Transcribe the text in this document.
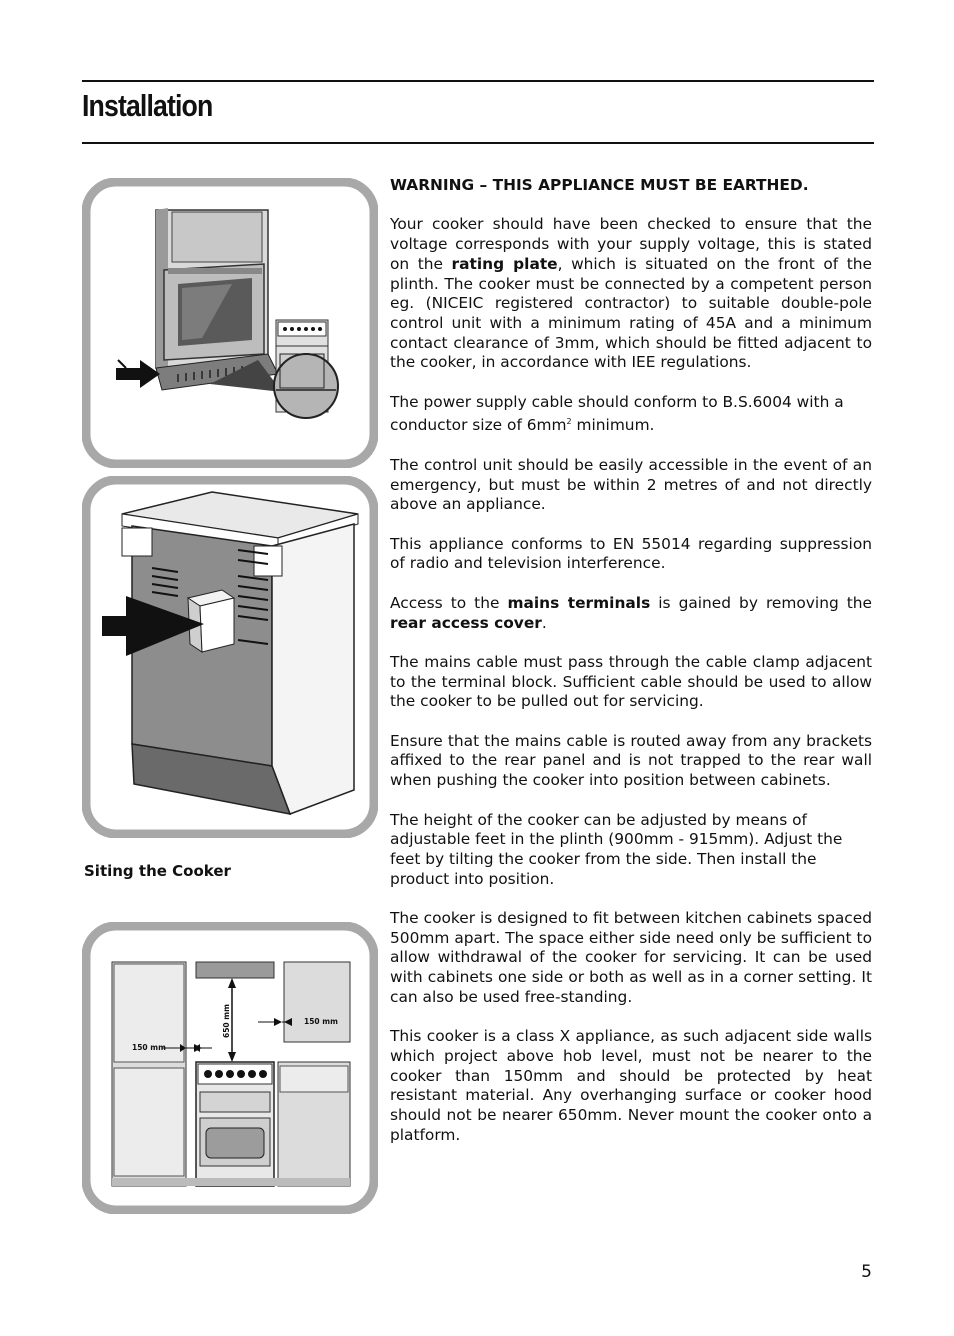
Installation
Siting the Cooker
150 mm
150 mm
650 mm

WARNING – THIS APPLIANCE MUST BE EARTHED.

Your cooker should have been checked to ensure that the voltage corresponds with your supply voltage, this is stated on the rating plate, which is situated on the front of the plinth. The cooker must be connected by a competent person eg. (NICEIC registered contractor) to suitable double-pole control unit with a minimum rating of 45A and a minimum contact clearance of 3mm, which should be fitted adjacent to the cooker, in accordance with IEE regulations.

The power supply cable should conform to B.S.6004 with a conductor size of $6mm^2$ minimum.

The control unit should be easily accessible in the event of an emergency, but must be within 2 metres of and not directly above an appliance.

This appliance conforms to EN 55014 regarding suppression of radio and television interference.

Access to the mains terminals is gained by removing the rear access cover.

The mains cable must pass through the cable clamp adjacent to the terminal block. Sufficient cable should be used to allow the cooker to be pulled out for servicing.

Ensure that the mains cable is routed away from any brackets affixed to the rear panel and is not trapped to the rear wall when pushing the cooker into position between cabinets.

The height of the cooker can be adjusted by means of adjustable feet in the plinth (900mm - 915mm). Adjust the feet by tilting the cooker from the side. Then install the product into position.

The cooker is designed to fit between kitchen cabinets spaced 500mm apart. The space either side need only be sufficient to allow withdrawal of the cooker for servicing. It can be used with cabinets one side or both as well as in a corner setting. It can also be used free-standing.

This cooker is a class X appliance, as such adjacent side walls which project above hob level, must not be nearer to the cooker than 150mm and should be protected by heat resistant material. Any overhanging surface or cooker hood should not be nearer 650mm. Never mount the cooker onto a platform.

5
